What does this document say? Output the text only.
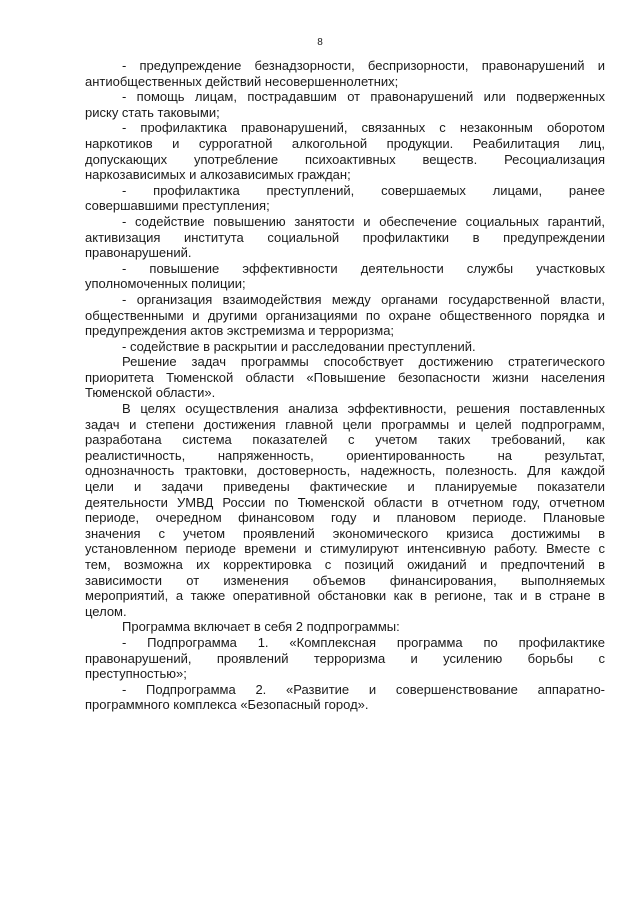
8
- предупреждение безнадзорности, беспризорности, правонарушений и
антиобщественных действий несовершеннолетних;
- помощь лицам, пострадавшим от правонарушений или подверженных
риску стать таковыми;
- профилактика правонарушений, связанных с незаконным оборотом
наркотиков и суррогатной алкогольной продукции. Реабилитация лиц,
допускающих употребление психоактивных веществ. Ресоциализация
наркозависимых и алкозависимых граждан;
- профилактика преступлений, совершаемых лицами, ранее
совершавшими преступления;
- содействие повышению занятости и обеспечение социальных гарантий,
активизация института социальной профилактики в предупреждении
правонарушений.
- повышение эффективности деятельности службы участковых
уполномоченных полиции;
- организация взаимодействия между органами государственной власти,
общественными и другими организациями по охране общественного порядка и
предупреждения актов экстремизма и терроризма;
- содействие в раскрытии и расследовании преступлений.
Решение задач программы способствует достижению стратегического
приоритета Тюменской области «Повышение безопасности жизни населения
Тюменской области».
В целях осуществления анализа эффективности, решения поставленных
задач и степени достижения главной цели программы и целей подпрограмм,
разработана система показателей с учетом таких требований, как
реалистичность, напряженность, ориентированность на результат,
однозначность трактовки, достоверность, надежность, полезность. Для каждой
цели и задачи приведены фактические и планируемые показатели
деятельности УМВД России по Тюменской области в отчетном году, отчетном
периоде, очередном финансовом году и плановом периоде. Плановые
значения с учетом проявлений экономического кризиса достижимы в
установленном периоде времени и стимулируют интенсивную работу. Вместе с
тем, возможна их корректировка с позиций ожиданий и предпочтений в
зависимости от изменения объемов финансирования, выполняемых
мероприятий, а также оперативной обстановки как в регионе, так и в стране в
целом.
Программа включает в себя 2 подпрограммы:
- Подпрограмма 1. «Комплексная программа по профилактике
правонарушений, проявлений терроризма и усилению борьбы с
преступностью»;
- Подпрограмма 2. «Развитие и совершенствование аппаратно-
программного комплекса «Безопасный город».
